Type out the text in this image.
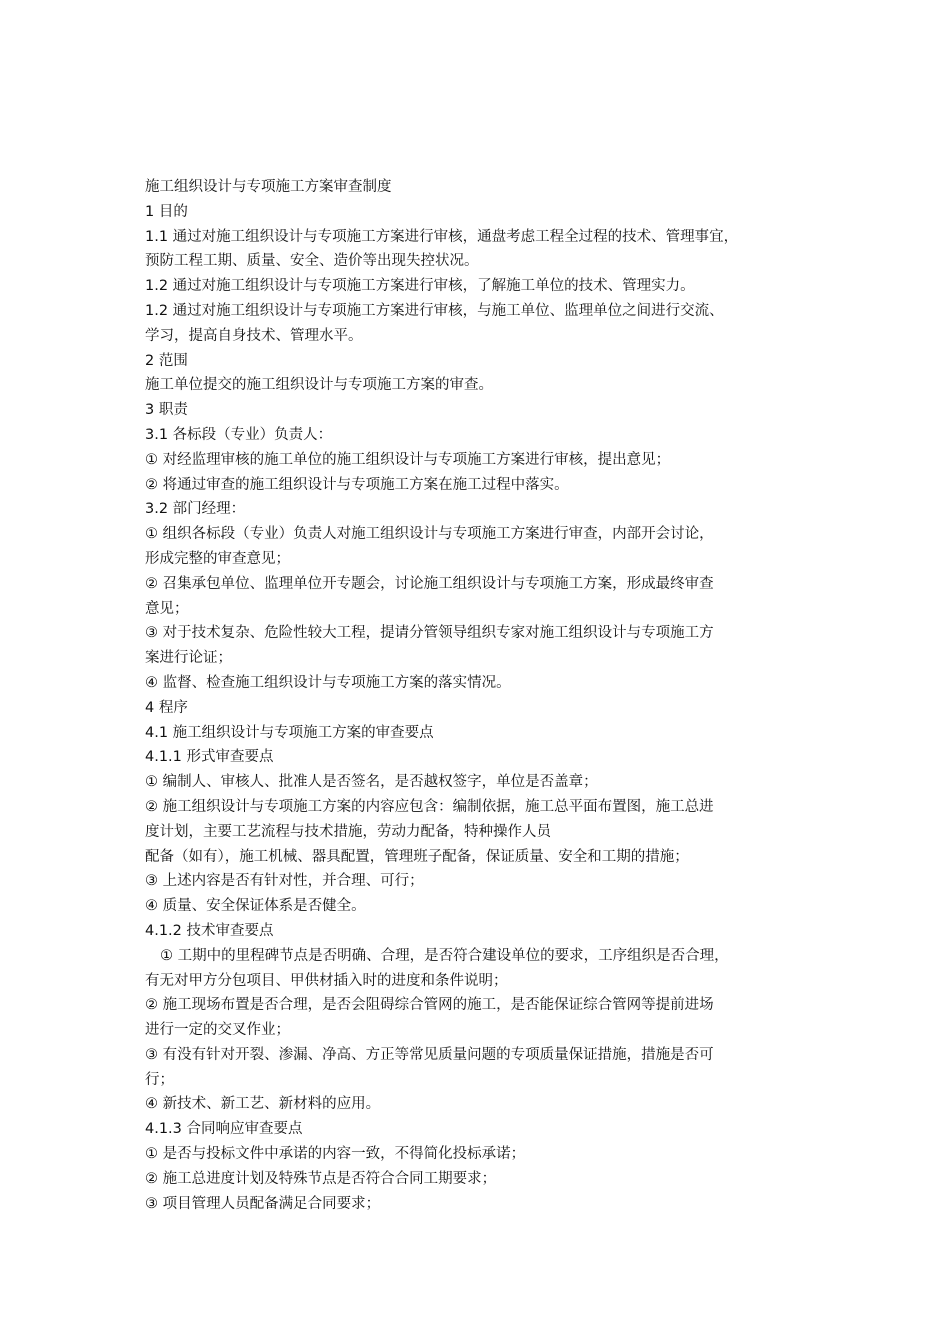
施工组织设计与专项施工方案审查制度
1 目的
1.1 通过对施工组织设计与专项施工方案进行审核，通盘考虑工程全过程的技术、管理事宜，
预防工程工期、质量、安全、造价等出现失控状况。
1.2 通过对施工组织设计与专项施工方案进行审核，了解施工单位的技术、管理实力。
1.2 通过对施工组织设计与专项施工方案进行审核，与施工单位、监理单位之间进行交流、
学习，提高自身技术、管理水平。
2 范围
施工单位提交的施工组织设计与专项施工方案的审查。
3 职责
3.1 各标段（专业）负责人：
① 对经监理审核的施工单位的施工组织设计与专项施工方案进行审核，提出意见；
② 将通过审查的施工组织设计与专项施工方案在施工过程中落实。
3.2 部门经理：
① 组织各标段（专业）负责人对施工组织设计与专项施工方案进行审查，内部开会讨论，
形成完整的审查意见；
② 召集承包单位、监理单位开专题会，讨论施工组织设计与专项施工方案，形成最终审查
意见；
③ 对于技术复杂、危险性较大工程，提请分管领导组织专家对施工组织设计与专项施工方
案进行论证；
④ 监督、检查施工组织设计与专项施工方案的落实情况。
4 程序
4.1 施工组织设计与专项施工方案的审查要点
4.1.1 形式审查要点
① 编制人、审核人、批准人是否签名，是否越权签字，单位是否盖章；
② 施工组织设计与专项施工方案的内容应包含：编制依据，施工总平面布置图，施工总进
度计划，主要工艺流程与技术措施，劳动力配备，特种操作人员
配备（如有），施工机械、器具配置，管理班子配备，保证质量、安全和工期的措施；
③ 上述内容是否有针对性，并合理、可行；
④ 质量、安全保证体系是否健全。
4.1.2 技术审查要点
① 工期中的里程碑节点是否明确、合理，是否符合建设单位的要求，工序组织是否合理，
有无对甲方分包项目、甲供材插入时的进度和条件说明；
② 施工现场布置是否合理，是否会阻碍综合管网的施工，是否能保证综合管网等提前进场
进行一定的交叉作业；
③ 有没有针对开裂、渗漏、净高、方正等常见质量问题的专项质量保证措施，措施是否可
行；
④ 新技术、新工艺、新材料的应用。
4.1.3 合同响应审查要点
① 是否与投标文件中承诺的内容一致，不得简化投标承诺；
② 施工总进度计划及特殊节点是否符合合同工期要求；
③ 项目管理人员配备满足合同要求；
